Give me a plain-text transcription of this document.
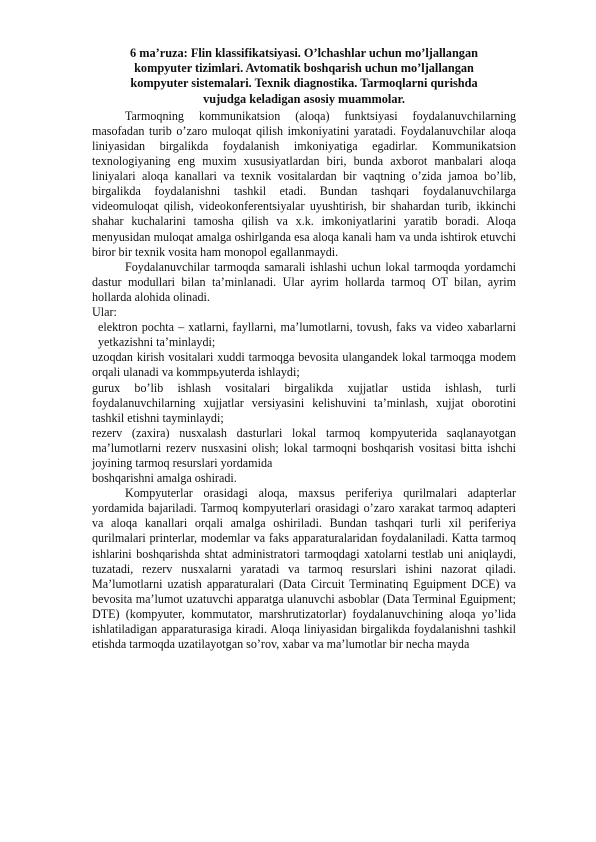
6 ma’ruza: Flin klassifikatsiyasi. O’lchashlar uchun mo’ljallangan
kompyuter tizimlari. Avtomatik boshqarish uchun mo’ljallangan
kompyuter sistemalari. Texnik diagnostika. Tarmoqlarni qurishda
vujudga keladigan asosiy muammolar.

Tarmoqning kommunikatsion (aloqa) funktsiyasi foydalanuvchilarning masofadan turib o’zaro muloqat qilish imkoniyatini yaratadi. Foydalanuvchilar aloqa liniyasidan birgalikda foydalanish imkoniyatiga egadirlar. Kommunikatsion texnologiyaning eng muxim xususiyatlardan biri, bunda axborot manbalari aloqa liniyalari aloqa kanallari va texnik vositalardan bir vaqtning o’zida jamoa bo’lib, birgalikda foydalanishni tashkil etadi. Bundan tashqari foydalanuvchilarga videomuloqat qilish, videokonferentsiyalar uyushtirish, bir shahardan turib, ikkinchi shahar kuchalarini tamosha qilish va x.k. imkoniyatlarini yaratib boradi. Aloqa menyusidan muloqat amalga oshirlganda esa aloqa kanali ham va unda ishtirok etuvchi biror bir texnik vosita ham monopol egallanmaydi.

Foydalanuvchilar tarmoqda samarali ishlashi uchun lokal tarmoqda yordamchi dastur modullari bilan ta’minlanadi. Ular ayrim hollarda tarmoq OT bilan, ayrim hollarda alohida olinadi.

Ular:

elektron pochta – xatlarni, fayllarni, ma’lumotlarni, tovush, faks va video xabarlarni yetkazishni ta’minlaydi;

uzoqdan kirish vositalari xuddi tarmoqga bevosita ulangandek lokal tarmoqga modem orqali ulanadi va kommpьyuterda ishlaydi;

gurux bo’lib ishlash vositalari birgalikda xujjatlar ustida ishlash, turli foydalanuvchilarning xujjatlar versiyasini kelishuvini ta’minlash, xujjat oborotini tashkil etishni tayminlaydi;

rezerv (zaxira) nusxalash dasturlari lokal tarmoq kompyuterida saqlanayotgan ma’lumotlarni rezerv nusxasini olish; lokal tarmoqni boshqarish vositasi bitta ishchi joyining tarmoq resurslari yordamida

boshqarishni amalga oshiradi.

Kompyuterlar orasidagi aloqa, maxsus periferiya qurilmalari adapterlar yordamida bajariladi. Tarmoq kompyuterlari orasidagi o’zaro xarakat tarmoq adapteri va aloqa kanallari orqali amalga oshiriladi. Bundan tashqari turli xil periferiya qurilmalari printerlar, modemlar va faks apparaturalaridan foydalaniladi. Katta tarmoq ishlarini boshqarishda shtat administratori tarmoqdagi xatolarni testlab uni aniqlaydi, tuzatadi, rezerv nusxalarni yaratadi va tarmoq resurslari ishini nazorat qiladi. Ma’lumotlarni uzatish apparaturalari (Data Circuit Terminatinq Eguipment DCE) va bevosita ma’lumot uzatuvchi apparatga ulanuvchi asboblar (Data Terminal Eguipment; DTE) (kompyuter, kommutator, marshrutizatorlar) foydalanuvchining aloqa yo’lida ishlatiladigan apparaturasiga kiradi. Aloqa liniyasidan birgalikda foydalanishni tashkil etishda tarmoqda uzatilayotgan so’rov, xabar va ma’lumotlar bir necha mayda
